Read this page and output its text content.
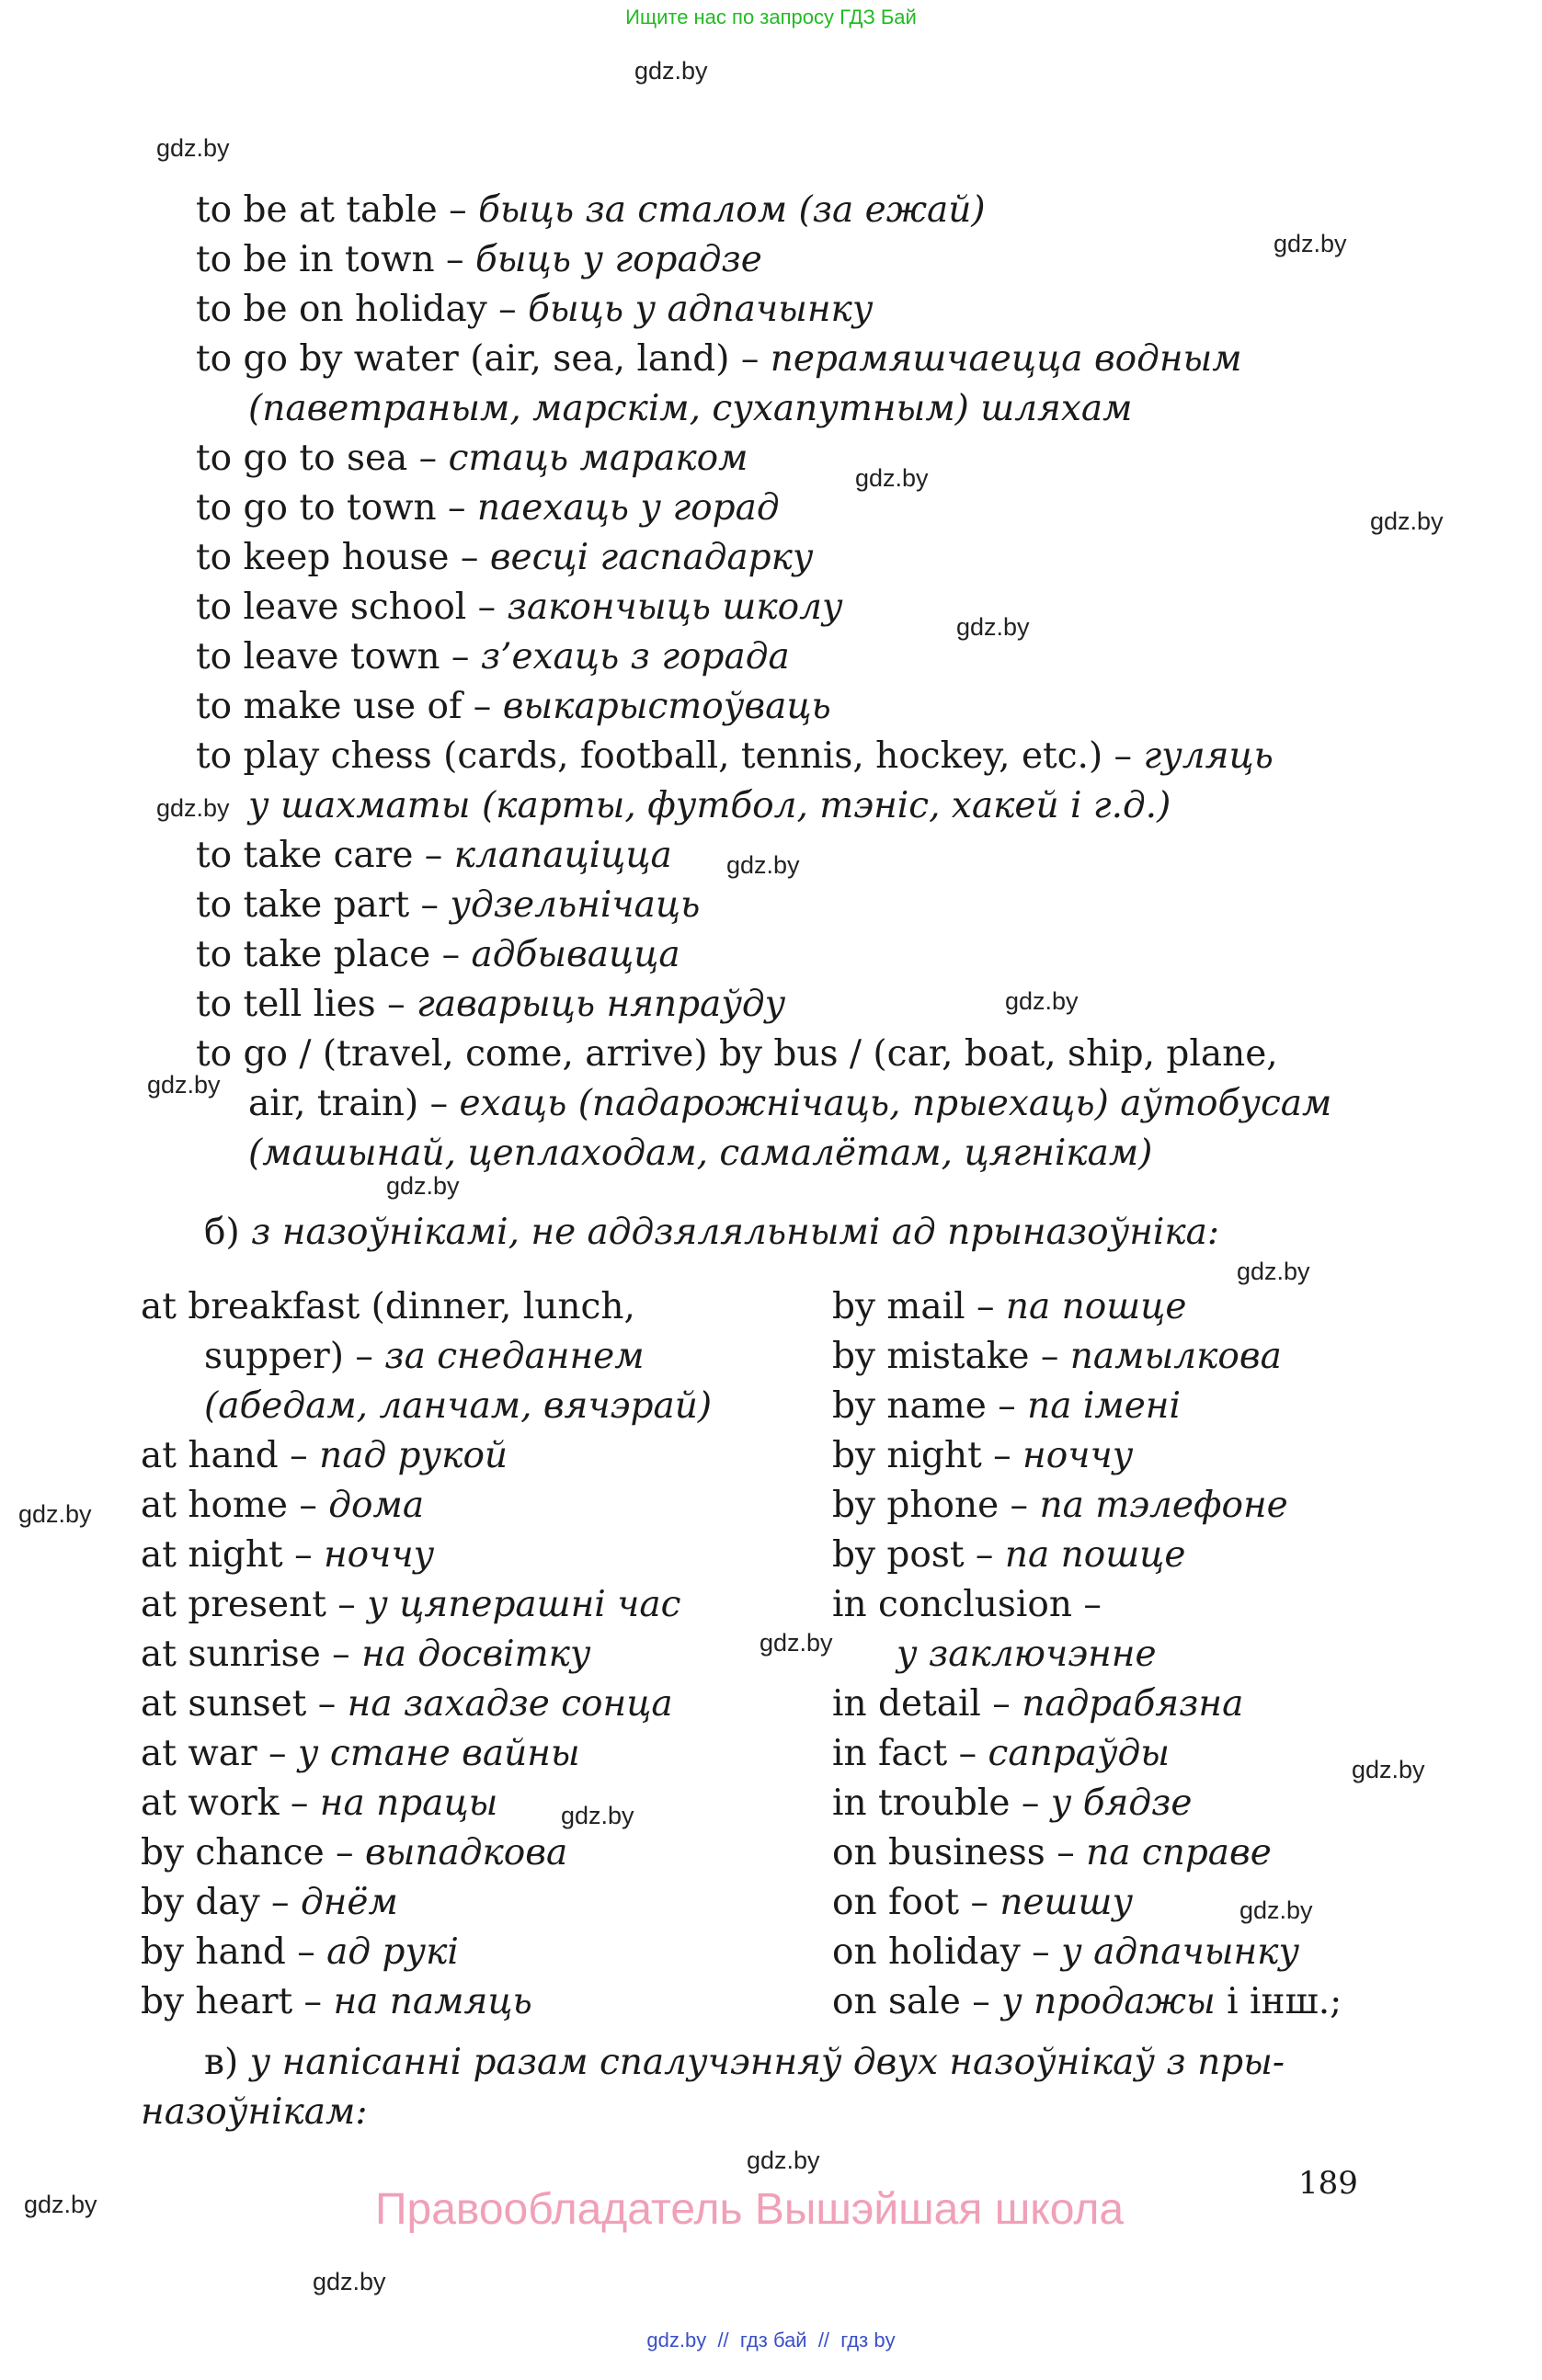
Ищите нас по запросу ГДЗ Бай
gdz.by
gdz.by
gdz.by
gdz.by
gdz.by
gdz.by
gdz.by
gdz.by
gdz.by
gdz.by
gdz.by
gdz.by
gdz.by
gdz.by
gdz.by
gdz.by
gdz.by
gdz.by
gdz.by
gdz.by
to be at table – быць за сталом (за ежай)
to be in town – быць у горадзе
to be on holiday – быць у адпачынку
to go by water (air, sea, land) – перамяшчаецца водным
(паветраным, марскім, сухапутным) шляхам
to go to sea – стаць мараком
to go to town – паехаць у горад
to keep house – весці гаспадарку
to leave school – закончыць школу
to leave town – з’ехаць з горада
to make use of – выкарыстоўваць
to play chess (cards, football, tennis, hockey, etc.) – гуляць
у шахматы (карты, футбол, тэніс, хакей і г.д.)
to take care – клапаціцца
to take part – удзельнічаць
to take place – адбывацца
to tell lies – гаварыць няпраўду
to go / (travel, come, arrive) by bus / (car, boat, ship, plane,
air, train) – ехаць (падарожнічаць, прыехаць) аўтобусам
(машынай, цеплаходам, самалётам, цягнікам)
б) з назоўнікамі, не аддзяляльнымі ад прыназоўніка:
at breakfast (dinner, lunch,
supper) – за снеданнем
(абедам, ланчам, вячэрай)
at hand – пад рукой
at home – дома
at night – ноччу
at present – у цяперашні час
at sunrise – на досвітку
at sunset – на захадзе сонца
at war – у стане вайны
at work – на працы
by chance – выпадкова
by day – днём
by hand – ад рукі
by heart – на памяць
by mail – па пошце
by mistake – памылкова
by name – па імені
by night – ноччу
by phone – па тэлефоне
by post – па пошце
in conclusion –
у заключэнне
in detail – падрабязна
in fact – сапраўды
in trouble – у бядзе
on business – па справе
on foot – пешшу
on holiday – у адпачынку
on sale – у продажы і інш.;
в) у напісанні разам спалучэнняў двух назоўнікаў з пры-
назоўнікам:
189
Правообладатель Вышэйшая школа
gdz.by  //  гдз бай  //  гдз by
